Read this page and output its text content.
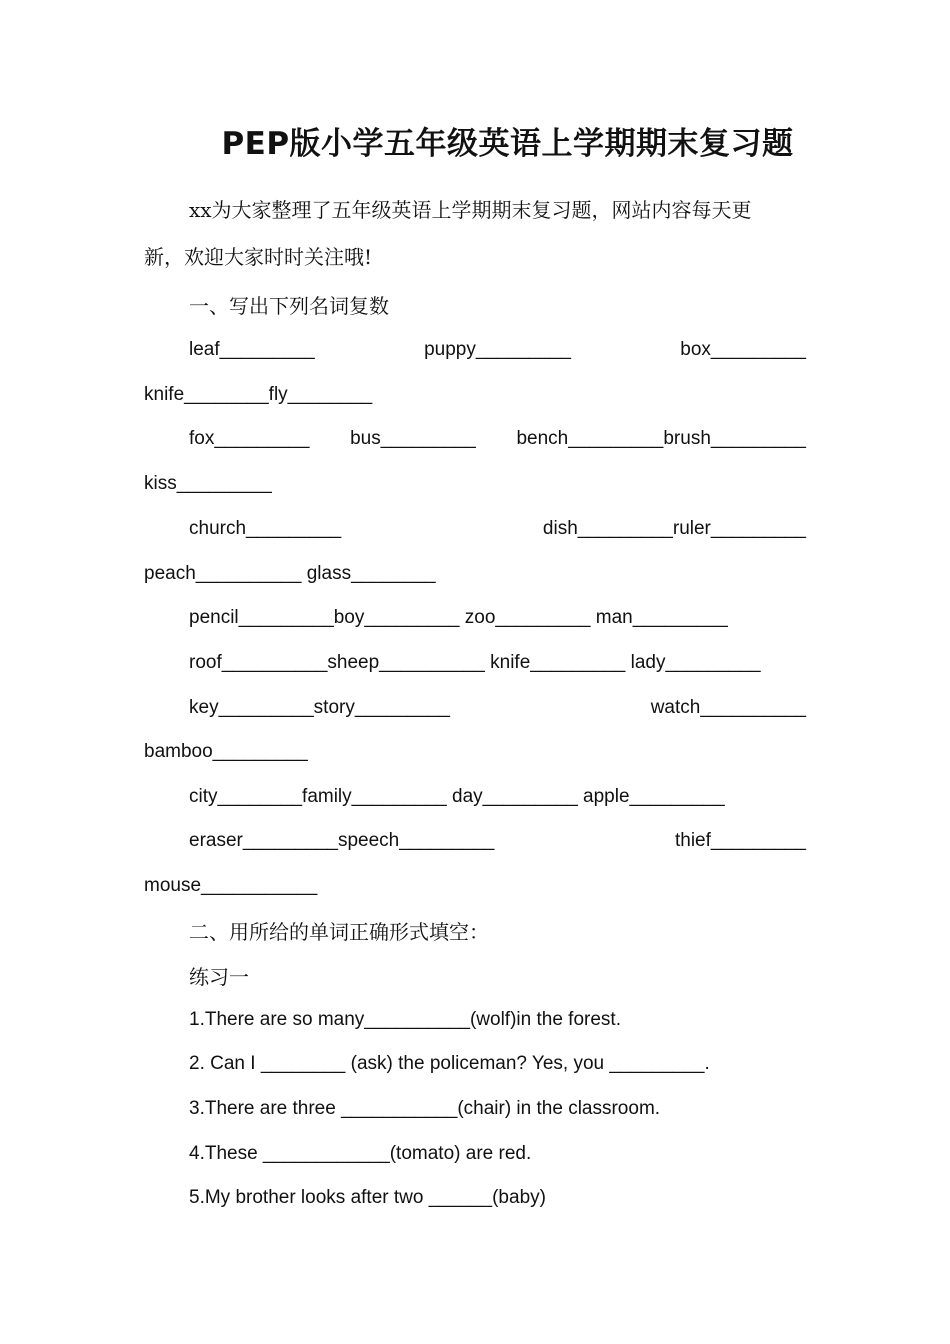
PEP版小学五年级英语上学期期末复习题
xx为大家整理了五年级英语上学期期末复习题，网站内容每天更
新，欢迎大家时时关注哦!
一、写出下列名词复数
leaf_________	puppy_________	box_________
knife________fly________
fox_________ bus_________ bench_________brush_________
kiss_________
church_________	dish_________ruler_________
peach__________ glass________
pencil_________boy_________ zoo_________ man_________
roof__________sheep__________ knife_________ lady_________
key_________story_________	watch__________
bamboo_________
city________family_________ day_________ apple_________
eraser_________speech_________	thief_________
mouse___________
二、用所给的单词正确形式填空：
练习一
1.There are so many__________(wolf)in the forest.
2. Can I ________ (ask) the policeman? Yes, you _________.
3.There are three ___________(chair) in the classroom.
4.These ____________(tomato) are red.
5.My brother looks after two ______(baby)
